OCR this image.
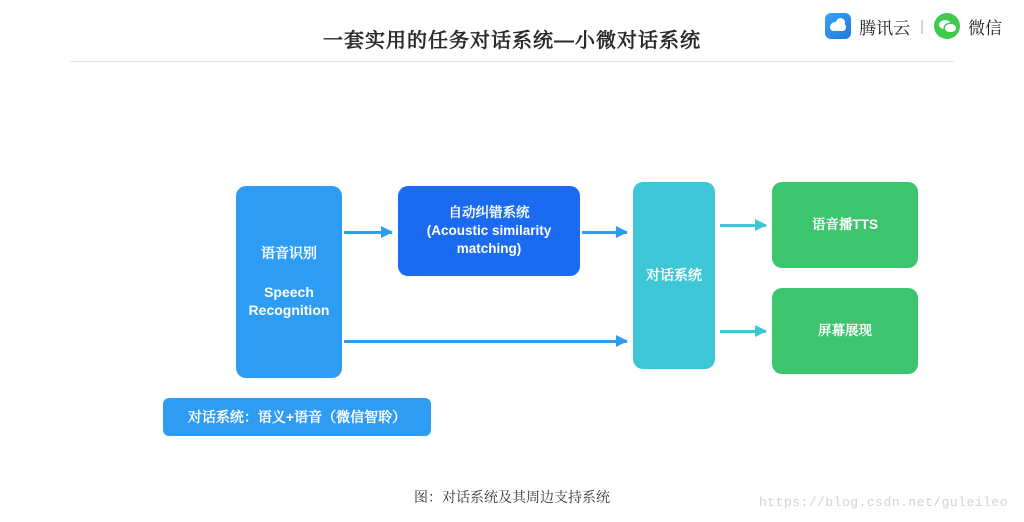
一套实用的任务对话系统—小微对话系统
腾讯云 |	微信
语音识别
Speech
Recognition
自动纠错系统
(Acoustic similarity
matching)
对话系统
语音播TTS
屏幕展现
对话系统：语义+语音（微信智聆）
图：对话系统及其周边支持系统	https://blog.csdn.net/guleileo
